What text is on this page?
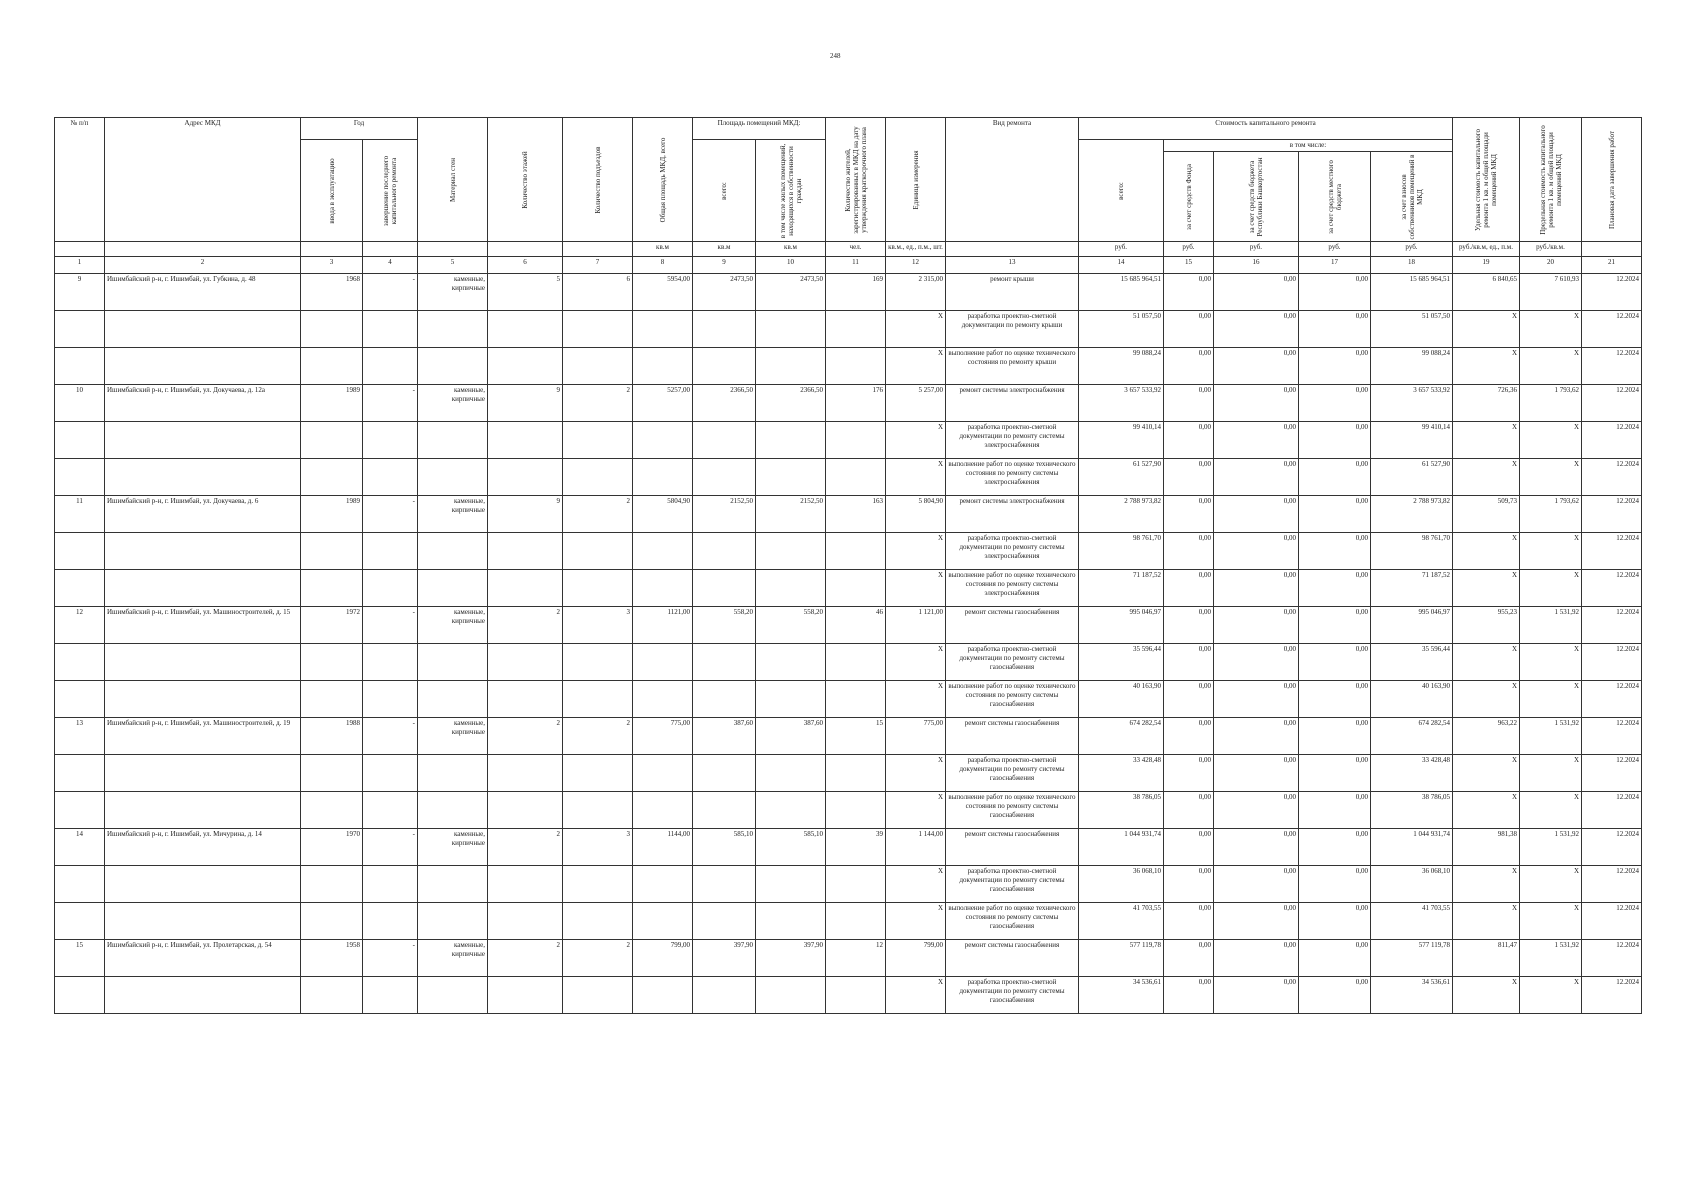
248
№ п/п	Адрес МКД	Год		Материал стен	Количество этажей	Количество подъездов	Общая площадь МКД, всего	Площадь помещений МКД:		Количество жителей, зарегистрированных в МКД на дату утверждения краткосрочного плана	Единица измерения	Вид ремонта	Стоимость капитального ремонта					Удельная стоимость капитального ремонта 1 кв. м общей площади помещений МКД	Предельная стоимость капитального ремонта 1 кв. м общей площади помещений МКД	Плановая дата завершения работ

		ввода в эксплуатацию	завершение последнего капитального ремонта					всего:	в том числе жилых помещений, находящихся в собственности граждан				всего:	в том числе:						

														за счет средств Фонда	за счет средств бюджета Республики Башкортостан	за счет средств местного бюджета	за счет взносов собственников помещений в МКД			

							кв.м	кв.м	кв.м	чел.	кв.м., ед., п.м., шт.		руб.	руб.	руб.	руб.	руб.	руб./кв.м, ед., п.м.	руб./кв.м.	
1	2	3	4	5	6	7	8	9	10	11	12	13	14	15	16	17	18	19	20	21
9	Ишимбайский р-н, г. Ишимбай, ул. Губкина, д. 48	1968	-	каменные, кирпичные	5	6	5954,00	2473,50	2473,50	169	2 315,00	ремонт крыши	15 685 964,51	0,00	0,00	0,00	15 685 964,51	6 840,65	7 610,93	12.2024
											X	разработка проектно-сметной документации по ремонту крыши	51 057,50	0,00	0,00	0,00	51 057,50	X	X	12.2024
											X	выполнение работ по оценке технического состояния по ремонту крыши	99 088,24	0,00	0,00	0,00	99 088,24	X	X	12.2024
10	Ишимбайский р-н, г. Ишимбай, ул. Докучаева, д. 12а	1989	-	каменные, кирпичные	9	2	5257,00	2366,50	2366,50	176	5 257,00	ремонт системы электроснабжения	3 657 533,92	0,00	0,00	0,00	3 657 533,92	726,36	1 793,62	12.2024
											X	разработка проектно-сметной документации по ремонту системы электроснабжения	99 410,14	0,00	0,00	0,00	99 410,14	X	X	12.2024
											X	выполнение работ по оценке технического состояния по ремонту системы электроснабжения	61 527,90	0,00	0,00	0,00	61 527,90	X	X	12.2024
11	Ишимбайский р-н, г. Ишимбай, ул. Докучаева, д. 6	1989	-	каменные, кирпичные	9	2	5804,90	2152,50	2152,50	163	5 804,90	ремонт системы электроснабжения	2 788 973,82	0,00	0,00	0,00	2 788 973,82	509,73	1 793,62	12.2024
											X	разработка проектно-сметной документации по ремонту системы электроснабжения	98 761,70	0,00	0,00	0,00	98 761,70	X	X	12.2024
											X	выполнение работ по оценке технического состояния по ремонту системы электроснабжения	71 187,52	0,00	0,00	0,00	71 187,52	X	X	12.2024
12	Ишимбайский р-н, г. Ишимбай, ул. Машиностроителей, д. 15	1972	-	каменные, кирпичные	2	3	1121,00	558,20	558,20	46	1 121,00	ремонт системы газоснабжения	995 046,97	0,00	0,00	0,00	995 046,97	955,23	1 531,92	12.2024
											X	разработка проектно-сметной документации по ремонту системы газоснабжения	35 596,44	0,00	0,00	0,00	35 596,44	X	X	12.2024
											X	выполнение работ по оценке технического состояния по ремонту системы газоснабжения	40 163,90	0,00	0,00	0,00	40 163,90	X	X	12.2024
13	Ишимбайский р-н, г. Ишимбай, ул. Машиностроителей, д. 19	1988	-	каменные, кирпичные	2	2	775,00	387,60	387,60	15	775,00	ремонт системы газоснабжения	674 282,54	0,00	0,00	0,00	674 282,54	963,22	1 531,92	12.2024
											X	разработка проектно-сметной документации по ремонту системы газоснабжения	33 428,48	0,00	0,00	0,00	33 428,48	X	X	12.2024
											X	выполнение работ по оценке технического состояния по ремонту системы газоснабжения	38 786,05	0,00	0,00	0,00	38 786,05	X	X	12.2024
14	Ишимбайский р-н, г. Ишимбай, ул. Мичурина, д. 14	1970	-	каменные, кирпичные	2	3	1144,00	585,10	585,10	39	1 144,00	ремонт системы газоснабжения	1 044 931,74	0,00	0,00	0,00	1 044 931,74	981,38	1 531,92	12.2024
											X	разработка проектно-сметной документации по ремонту системы газоснабжения	36 068,10	0,00	0,00	0,00	36 068,10	X	X	12.2024
											X	выполнение работ по оценке технического состояния по ремонту системы газоснабжения	41 703,55	0,00	0,00	0,00	41 703,55	X	X	12.2024
15	Ишимбайский р-н, г. Ишимбай, ул. Пролетарская, д. 54	1958	-	каменные, кирпичные	2	2	799,00	397,90	397,90	12	799,00	ремонт системы газоснабжения	577 119,78	0,00	0,00	0,00	577 119,78	811,47	1 531,92	12.2024
											X	разработка проектно-сметной документации по ремонту системы газоснабжения	34 536,61	0,00	0,00	0,00	34 536,61	X	X	12.2024
